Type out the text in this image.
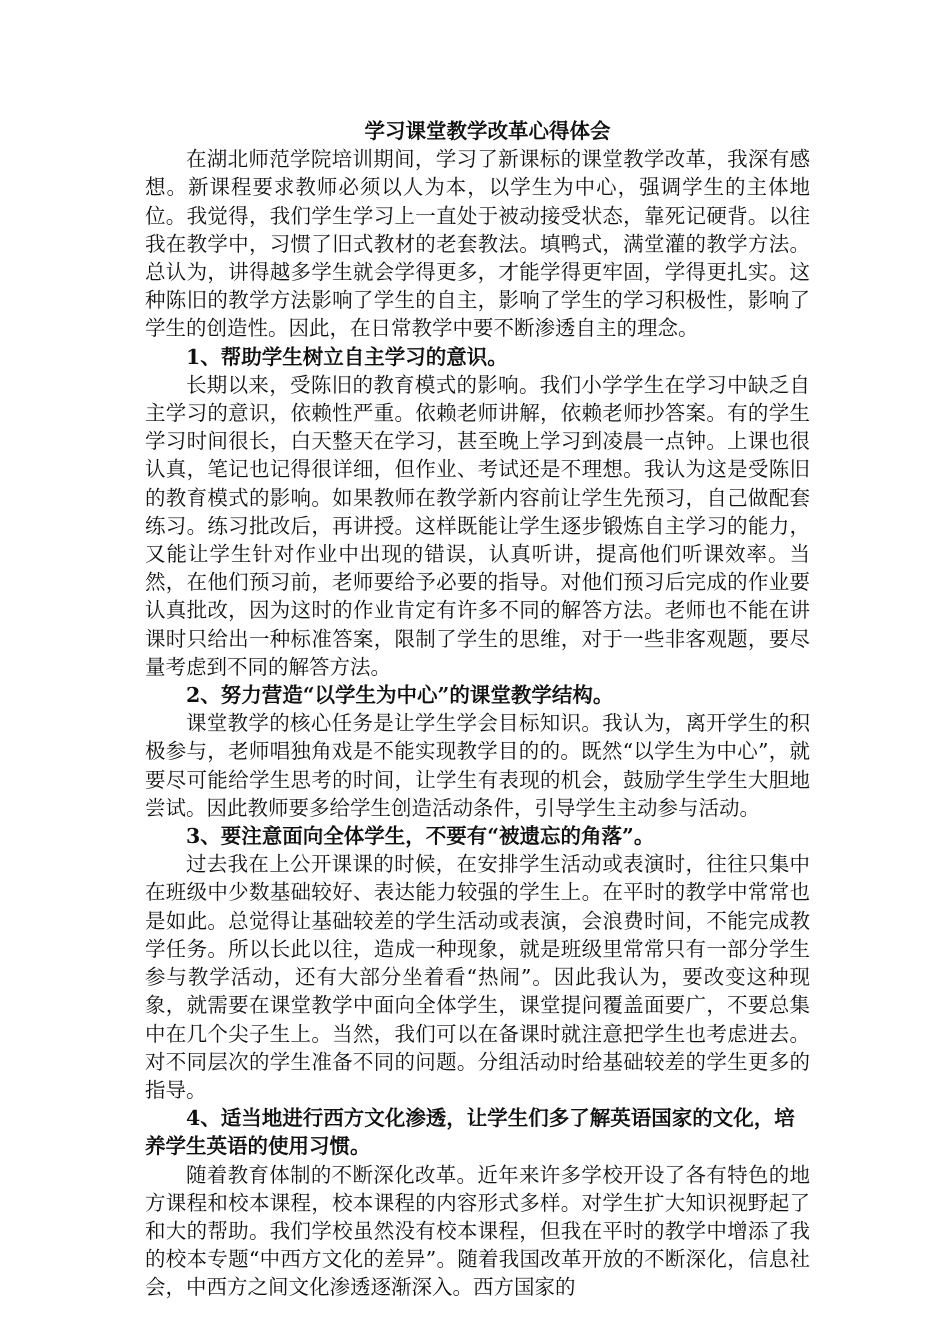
学习课堂教学改革心得体会

在湖北师范学院培训期间，学习了新课标的课堂教学改革，我深有感想。新课程要求教师必须以人为本，以学生为中心，强调学生的主体地位。我觉得，我们学生学习上一直处于被动接受状态，靠死记硬背。以往我在教学中，习惯了旧式教材的老套教法。填鸭式，满堂灌的教学方法。总认为，讲得越多学生就会学得更多，才能学得更牢固，学得更扎实。这种陈旧的教学方法影响了学生的自主，影响了学生的学习积极性，影响了学生的创造性。因此，在日常教学中要不断渗透自主的理念。

1、帮助学生树立自主学习的意识。

长期以来，受陈旧的教育模式的影响。我们小学学生在学习中缺乏自主学习的意识，依赖性严重。依赖老师讲解，依赖老师抄答案。有的学生学习时间很长，白天整天在学习，甚至晚上学习到凌晨一点钟。上课也很认真，笔记也记得很详细，但作业、考试还是不理想。我认为这是受陈旧的教育模式的影响。如果教师在教学新内容前让学生先预习，自己做配套练习。练习批改后，再讲授。这样既能让学生逐步锻炼自主学习的能力，又能让学生针对作业中出现的错误，认真听讲，提高他们听课效率。当然，在他们预习前，老师要给予必要的指导。对他们预习后完成的作业要认真批改，因为这时的作业肯定有许多不同的解答方法。老师也不能在讲课时只给出一种标准答案，限制了学生的思维，对于一些非客观题，要尽量考虑到不同的解答方法。

2、努力营造“以学生为中心”的课堂教学结构。

课堂教学的核心任务是让学生学会目标知识。我认为，离开学生的积极参与，老师唱独角戏是不能实现教学目的的。既然“以学生为中心”，就要尽可能给学生思考的时间，让学生有表现的机会，鼓励学生学生大胆地尝试。因此教师要多给学生创造活动条件，引导学生主动参与活动。

3、要注意面向全体学生，不要有“被遗忘的角落”。

过去我在上公开课课的时候，在安排学生活动或表演时，往往只集中在班级中少数基础较好、表达能力较强的学生上。在平时的教学中常常也是如此。总觉得让基础较差的学生活动或表演，会浪费时间，不能完成教学任务。所以长此以往，造成一种现象，就是班级里常常只有一部分学生参与教学活动，还有大部分坐着看“热闹”。因此我认为，要改变这种现象，就需要在课堂教学中面向全体学生，课堂提问覆盖面要广，不要总集中在几个尖子生上。当然，我们可以在备课时就注意把学生也考虑进去。对不同层次的学生准备不同的问题。分组活动时给基础较差的学生更多的指导。

4、适当地进行西方文化渗透，让学生们多了解英语国家的文化，培养学生英语的使用习惯。

随着教育体制的不断深化改革。近年来许多学校开设了各有特色的地方课程和校本课程，校本课程的内容形式多样。对学生扩大知识视野起了和大的帮助。我们学校虽然没有校本课程，但我在平时的教学中增添了我的校本专题“中西方文化的差异”。随着我国改革开放的不断深化，信息社会，中西方之间文化渗透逐渐深入。西方国家的
